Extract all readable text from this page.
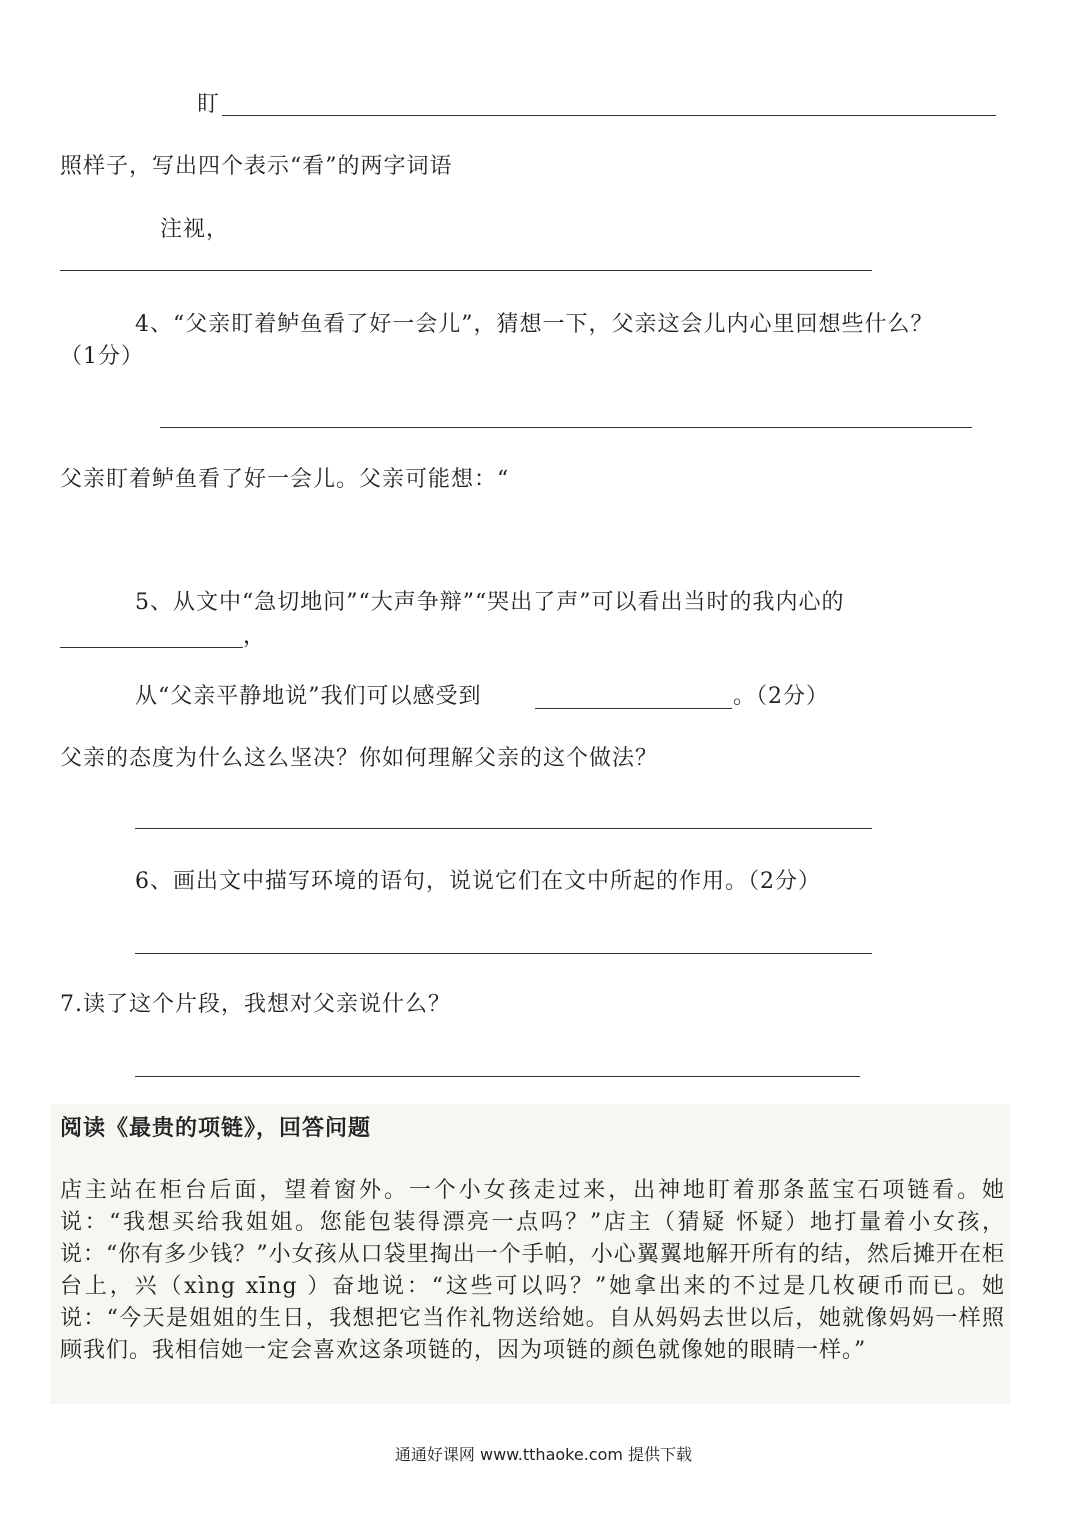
盯
照样子，写出四个表示“看”的两字词语
注视，
4、“父亲盯着鲈鱼看了好一会儿”，猜想一下，父亲这会儿内心里回想些什么？
（1分）
父亲盯着鲈鱼看了好一会儿。父亲可能想：“
5、从文中“急切地问”“大声争辩”“哭出了声”可以看出当时的我内心的
，
从“父亲平静地说”我们可以感受到	。（2分）
父亲的态度为什么这么坚决？你如何理解父亲的这个做法？
6、画出文中描写环境的语句，说说它们在文中所起的作用。（2分）
7.读了这个片段，我想对父亲说什么？
阅读《最贵的项链》，回答问题

店主站在柜台后面，望着窗外。一个小女孩走过来，出神地盯着那条蓝宝石项链看。她说：“我想买给我姐姐。您能包装得漂亮一点吗？”店主（猜疑 怀疑）地打量着小女孩，说：“你有多少钱？”小女孩从口袋里掏出一个手帕，小心翼翼地解开所有的结，然后摊开在柜台上，兴（xìng xīng ）奋地说：“这些可以吗？”她拿出来的不过是几枚硬币而已。她说：“今天是姐姐的生日，我想把它当作礼物送给她。自从妈妈去世以后，她就像妈妈一样照顾我们。我相信她一定会喜欢这条项链的，因为项链的颜色就像她的眼睛一样。”

通通好课网 www.tthaoke.com 提供下载
